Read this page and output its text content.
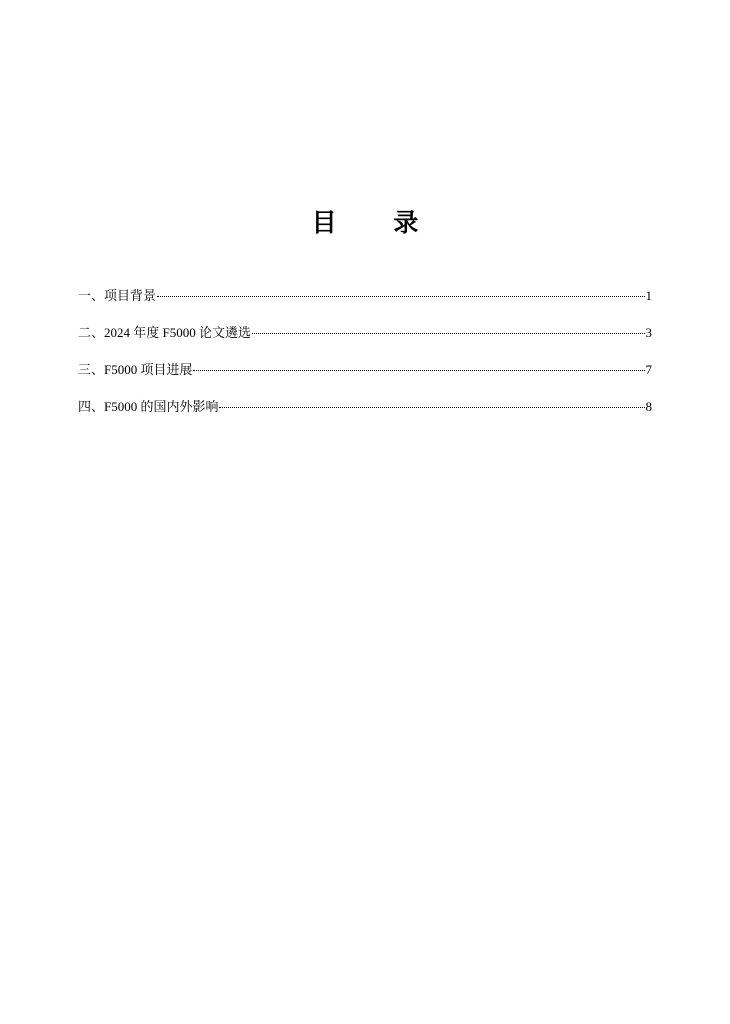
目 录
一、项目背景	1
二、2024 年度 F5000 论文遴选	3
三、F5000 项目进展	7
四、F5000 的国内外影响	8
